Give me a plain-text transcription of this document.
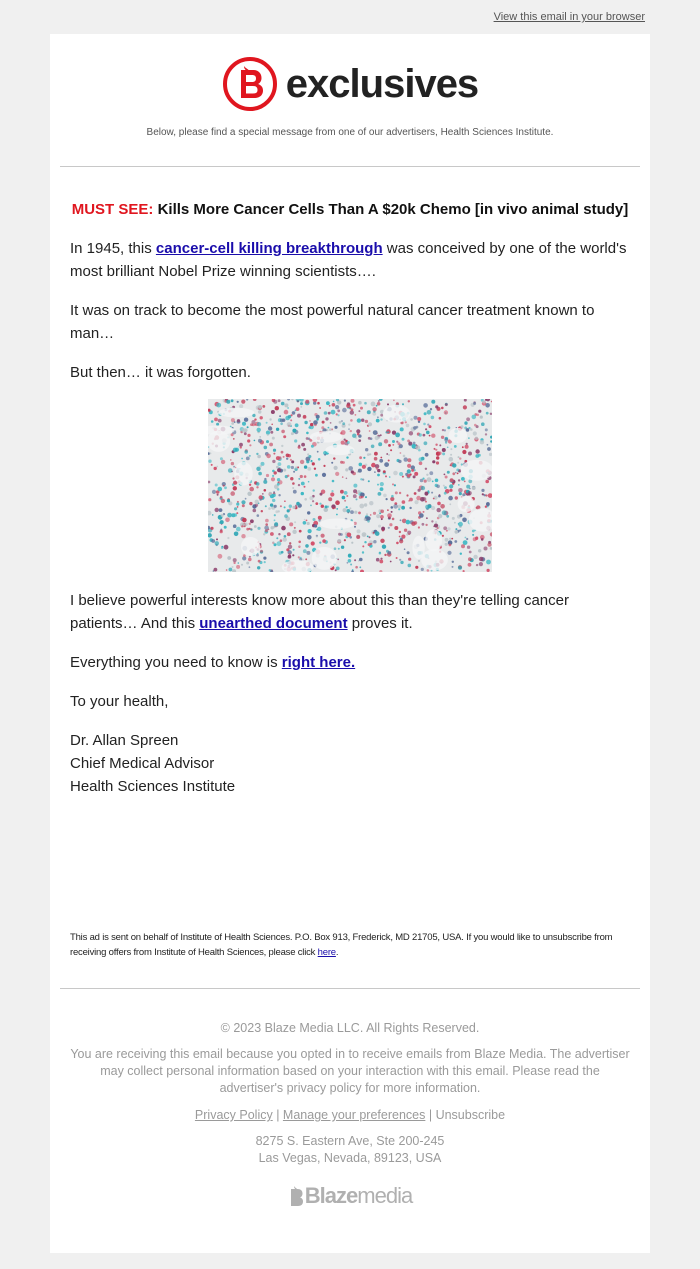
View this email in your browser
exclusives
Below, please find a special message from one of our advertisers, Health Sciences Institute.
MUST SEE: Kills More Cancer Cells Than A $20k Chemo [in vivo animal study]
In 1945, this cancer-cell killing breakthrough was conceived by one of the world's most brilliant Nobel Prize winning scientists….
It was on track to become the most powerful natural cancer treatment known to man…
But then… it was forgotten.
I believe powerful interests know more about this than they're telling cancer patients… And this unearthed document proves it.
Everything you need to know is right here.
To your health,
Dr. Allan Spreen
Chief Medical Advisor
Health Sciences Institute
This ad is sent on behalf of Institute of Health Sciences. P.O. Box 913, Frederick, MD 21705, USA. If you would like to unsubscribe from receiving offers from Institute of Health Sciences, please click here.
© 2023 Blaze Media LLC. All Rights Reserved.
You are receiving this email because you opted in to receive emails from Blaze Media. The advertiser may collect personal information based on your interaction with this email. Please read the advertiser's privacy policy for more information.
Privacy Policy | Manage your preferences | Unsubscribe
8275 S. Eastern Ave, Ste 200-245
Las Vegas, Nevada, 89123, USA
Blaze media
